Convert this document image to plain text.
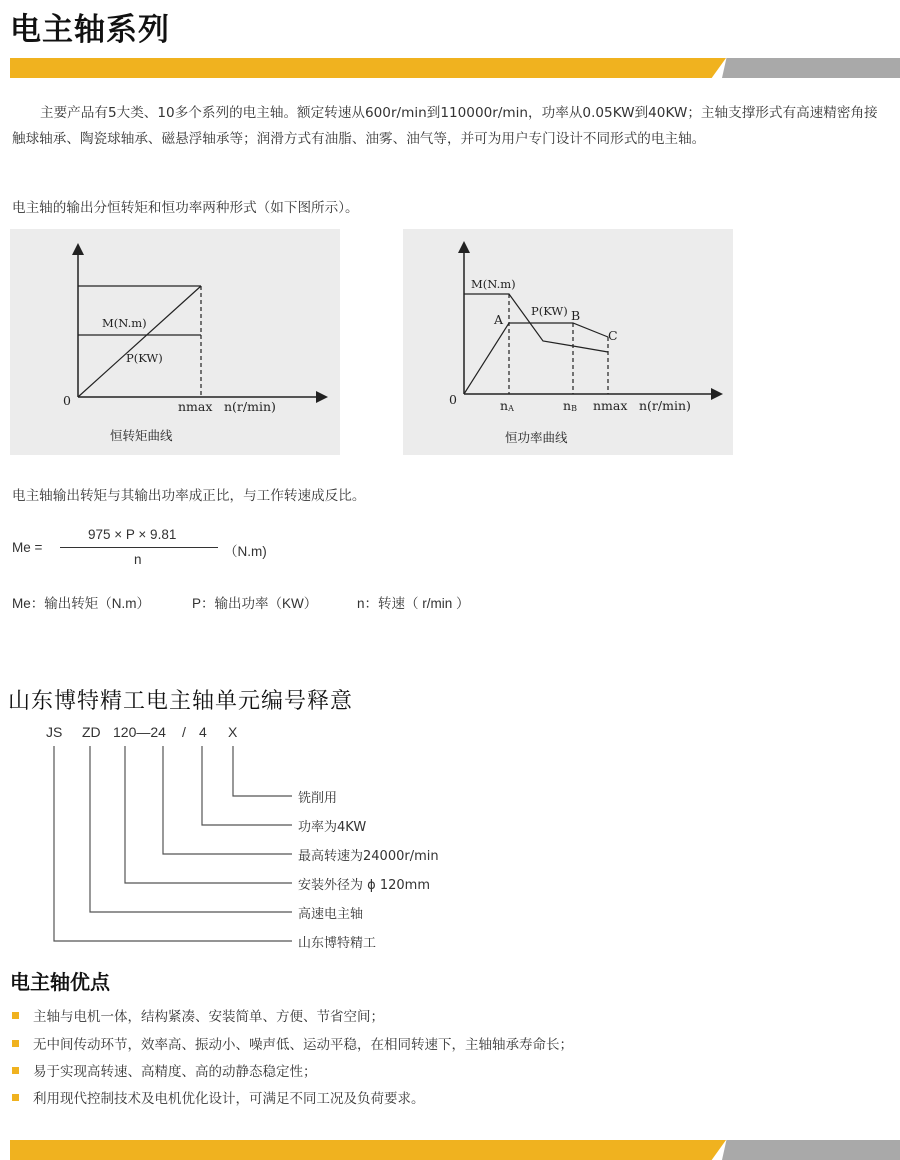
电主轴系列
主要产品有5大类、10多个系列的电主轴。额定转速从600r/min到110000r/min，功率从0.05KW到40KW；主轴支撑形式有高速精密角接触球轴承、陶瓷球轴承、磁悬浮轴承等；润滑方式有油脂、油雾、油气等，并可为用户专门设计不同形式的电主轴。
电主轴的输出分恒转矩和恒功率两种形式（如下图所示）。
M(N.m)
P(KW)
0	nmax n(r/min)
恒转矩曲线
M(N.m)
P(KW)
A	B
C
0	nA	nB nmax n(r/min)
恒功率曲线
电主轴输出转矩与其输出功率成正比，与工作转速成反比。
Me =
975 × P × 9.81
n
（N.m)
Me：输出转矩（N.m）	P：输出功率（KW）	n：转速（ r/min ）
山东博特精工电主轴单元编号释意
JS ZD 120—24 / 4 X
铣削用
功率为4KW
最高转速为24000r/min
安装外径为 ϕ 120mm
高速电主轴
山东博特精工
电主轴优点
主轴与电机一体，结构紧凑、安装简单、方便、节省空间；
无中间传动环节，效率高、振动小、噪声低、运动平稳，在相同转速下，主轴轴承寿命长；
易于实现高转速、高精度、高的动静态稳定性；
利用现代控制技术及电机优化设计，可满足不同工况及负荷要求。
